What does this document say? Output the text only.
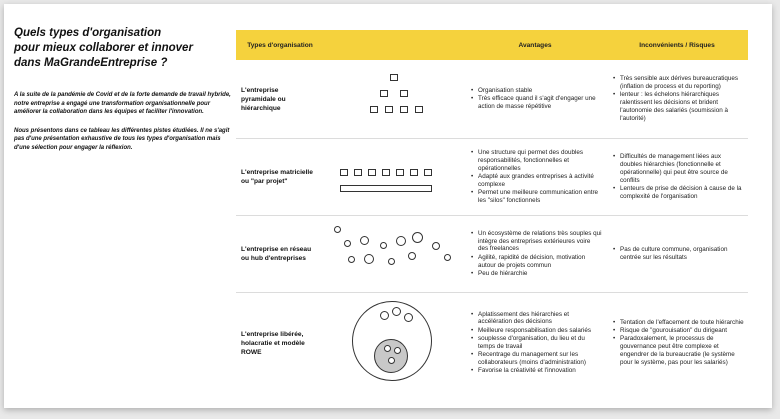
Quels types d'organisation
pour mieux collaborer et innover
dans MaGrandeEntreprise ?

A la suite de la pandémie de Covid et de la forte demande de travail hybride, notre entreprise a engagé une transformation organisationnelle pour améliorer la collaboration dans les équipes et faciliter l'innovation.

Nous présentons dans ce tableau les différentes pistes étudiées. Il ne s'agit pas d'une présentation exhaustive de tous les types d'organisation mais d'une sélection pour engager la réflexion.

Types d'organisation	Avantages	Inconvénients / Risques
L'entreprise
pyramidale ou
hiérarchique
• Organisation stable
• Très efficace quand il s'agit d'engager une action de masse répétitive
• Très sensible aux dérives bureaucratiques (inflation de process et du reporting)
• lenteur : les échelons hiérarchiques ralentissent les décisions et brident l'autonomie des salariés (soumission à l'autorité)
L'entreprise matricielle
ou "par projet"
• Une structure qui permet des doubles responsabilités, fonctionnelles et opérationnelles
• Adapté aux grandes entreprises à activité complexe
• Permet une meilleure communication entre les "silos" fonctionnels
• Difficultés de management liées aux doubles hiérarchies (fonctionnelle et opérationnelle) qui peut être source de conflits
• Lenteurs de prise de décision à cause de la complexité de l'organisation
L'entreprise en réseau
ou hub d'entreprises
• Un écosystème de relations très souples qui intègre des entreprises extérieures voire des freelances
• Agilité, rapidité de décision, motivation autour de projets commun
• Peu de hiérarchie
• Pas de culture commune, organisation centrée sur les résultats
L'entreprise libérée,
holacratie et modèle
ROWE
• Aplatissement des hiérarchies et accélération des décisions
• Meilleure responsabilisation des salariés
• souplesse d'organisation, du lieu et du temps de travail
• Recentrage du management sur les collaborateurs (moins d'administration)
• Favorise la créativité et l'innovation
• Tentation de l'effacement de toute hiérarchie
• Risque de "gourouisation" du dirigeant
• Paradoxalement, le processus de gouvernance peut être complexe et engendrer de la bureaucratie (le système pour le système, pas pour les salariés)
